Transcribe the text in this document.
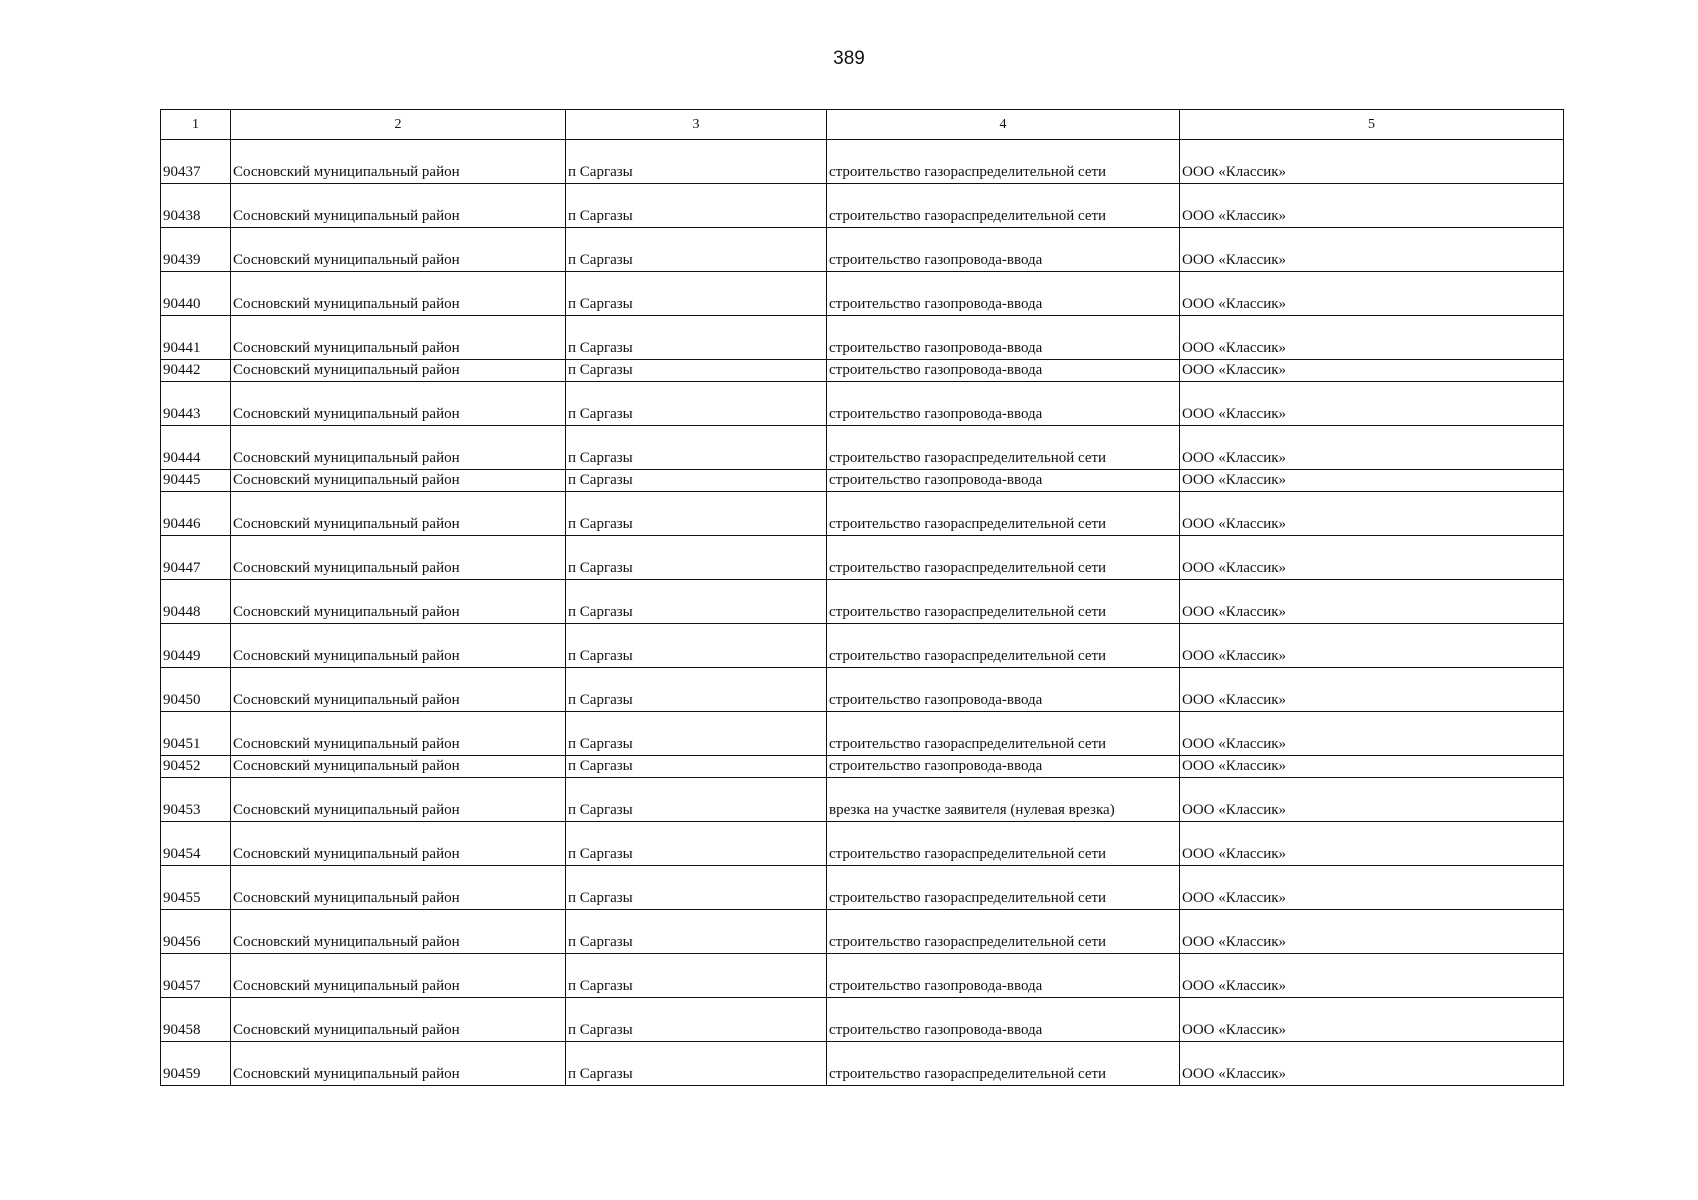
389
1	2	3	4	5
90437	Сосновский муниципальный район	п Саргазы	строительство газораспределительной сети	ООО «Классик»
90438	Сосновский муниципальный район	п Саргазы	строительство газораспределительной сети	ООО «Классик»
90439	Сосновский муниципальный район	п Саргазы	строительство газопровода-ввода	ООО «Классик»
90440	Сосновский муниципальный район	п Саргазы	строительство газопровода-ввода	ООО «Классик»
90441	Сосновский муниципальный район	п Саргазы	строительство газопровода-ввода	ООО «Классик»
90442	Сосновский муниципальный район	п Саргазы	строительство газопровода-ввода	ООО «Классик»
90443	Сосновский муниципальный район	п Саргазы	строительство газопровода-ввода	ООО «Классик»
90444	Сосновский муниципальный район	п Саргазы	строительство газораспределительной сети	ООО «Классик»
90445	Сосновский муниципальный район	п Саргазы	строительство газопровода-ввода	ООО «Классик»
90446	Сосновский муниципальный район	п Саргазы	строительство газораспределительной сети	ООО «Классик»
90447	Сосновский муниципальный район	п Саргазы	строительство газораспределительной сети	ООО «Классик»
90448	Сосновский муниципальный район	п Саргазы	строительство газораспределительной сети	ООО «Классик»
90449	Сосновский муниципальный район	п Саргазы	строительство газораспределительной сети	ООО «Классик»
90450	Сосновский муниципальный район	п Саргазы	строительство газопровода-ввода	ООО «Классик»
90451	Сосновский муниципальный район	п Саргазы	строительство газораспределительной сети	ООО «Классик»
90452	Сосновский муниципальный район	п Саргазы	строительство газопровода-ввода	ООО «Классик»
90453	Сосновский муниципальный район	п Саргазы	врезка на участке заявителя (нулевая врезка)	ООО «Классик»
90454	Сосновский муниципальный район	п Саргазы	строительство газораспределительной сети	ООО «Классик»
90455	Сосновский муниципальный район	п Саргазы	строительство газораспределительной сети	ООО «Классик»
90456	Сосновский муниципальный район	п Саргазы	строительство газораспределительной сети	ООО «Классик»
90457	Сосновский муниципальный район	п Саргазы	строительство газопровода-ввода	ООО «Классик»
90458	Сосновский муниципальный район	п Саргазы	строительство газопровода-ввода	ООО «Классик»
90459	Сосновский муниципальный район	п Саргазы	строительство газораспределительной сети	ООО «Классик»
